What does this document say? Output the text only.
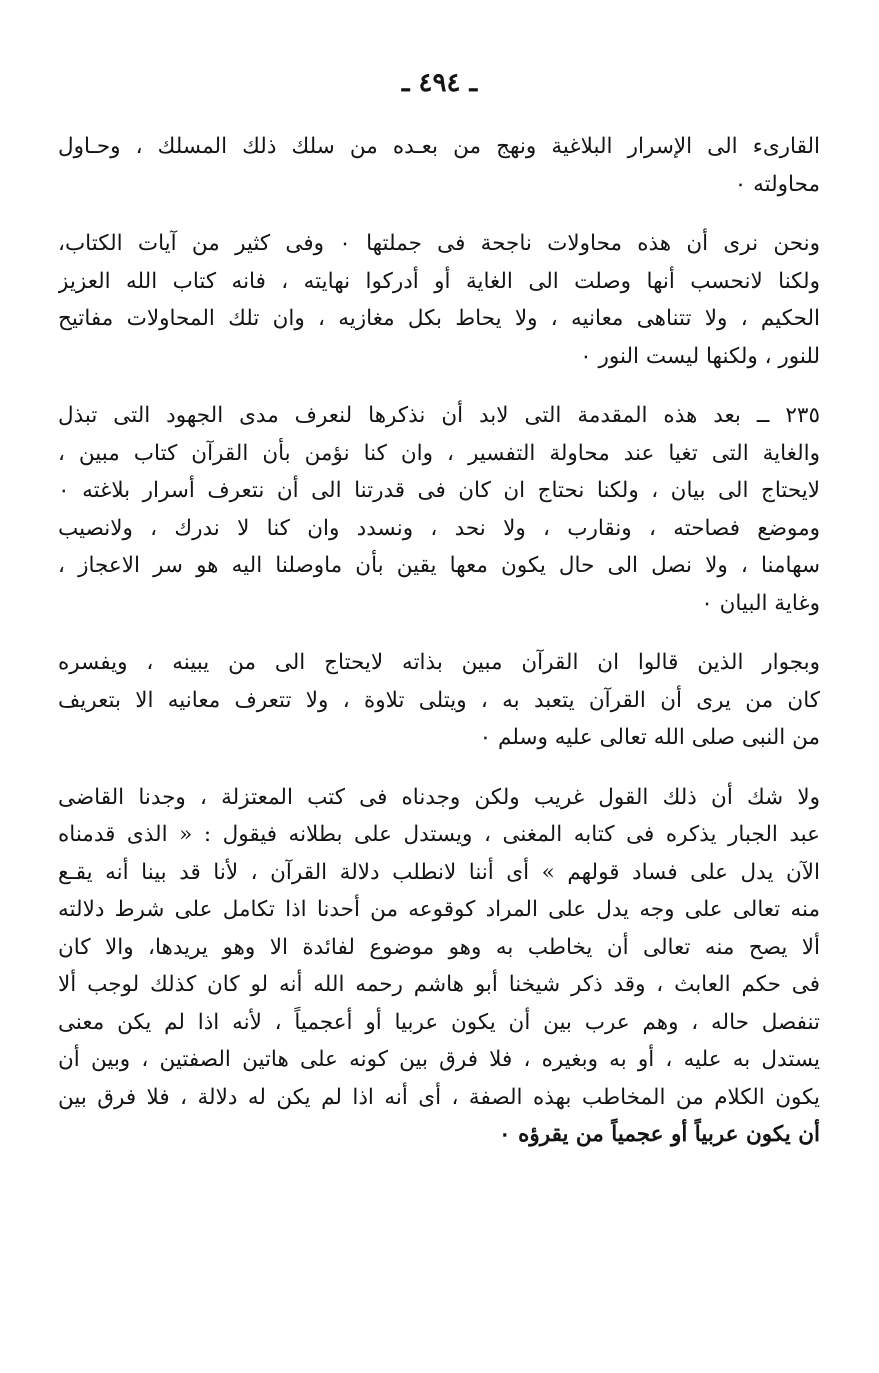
ـ ٤٩٤ ـ
القارىء الى الإسرار البلاغية ونهج من بعـده من سلك ذلك المسلك ، وحـاول
محاولته ٠
ونحن نرى أن هذه محاولات ناجحة فى جملتها ٠ وفى كثير من آيات الكتاب،
ولكنا لانحسب أنها وصلت الى الغاية أو أدركوا نهايته ، فانه كتاب الله العزيز
الحكيم ، ولا تتناهى معانيه ، ولا يحاط بكل مغازيه ، وان تلك المحاولات مفاتيح
للنور ، ولكنها ليست النور ٠
٢٣٥ ــ بعد هذه المقدمة التى لابد أن نذكرها لنعرف مدى الجهود التى تبذل
والغاية التى تغيا عند محاولة التفسير ، وان كنا نؤمن بأن القرآن كتاب مبين ،
لايحتاج الى بيان ، ولكنا نحتاج ان كان فى قدرتنا الى أن نتعرف أسرار بلاغته ٠
وموضع فصاحته ، ونقارب ، ولا نحد ، ونسدد وان كنا لا ندرك ، ولانصيب
سهامنا ، ولا نصل الى حال يكون معها يقين بأن ماوصلنا اليه هو سر الاعجاز ،
وغاية البيان ٠
وبجوار الذين قالوا ان القرآن مبين بذاته لايحتاج الى من يبينه ، ويفسره
كان من يرى أن القرآن يتعبد به ، ويتلى تلاوة ، ولا تتعرف معانيه الا بتعريف
من النبى صلى الله تعالى عليه وسلم ٠
ولا شك أن ذلك القول غريب ولكن وجدناه فى كتب المعتزلة ، وجدنا القاضى
عبد الجبار يذكره فى كتابه المغنى ، ويستدل على بطلانه فيقول : « الذى قدمناه
الآن يدل على فساد قولهم » أى أننا لانطلب دلالة القرآن ، لأنا قد بينا أنه يقـع
منه تعالى على وجه يدل على المراد كوقوعه من أحدنا اذا تكامل على شرط دلالته
ألا يصح منه تعالى أن يخاطب به وهو موضوع لفائدة الا وهو يريدها، والا كان
فى حكم العابث ، وقد ذكر شيخنا أبو هاشم رحمه الله أنه لو كان كذلك لوجب ألا
تنفصل حاله ، وهم عرب بين أن يكون عربيا أو أعجمياً ، لأنه اذا لم يكن معنى
يستدل به عليه ، أو به وبغيره ، فلا فرق بين كونه على هاتين الصفتين ، وبين أن
يكون الكلام من المخاطب بهذه الصفة ، أى أنه اذا لم يكن له دلالة ، فلا فرق بين
أن يكون عربياً أو عجمياً من يقرؤه ٠
